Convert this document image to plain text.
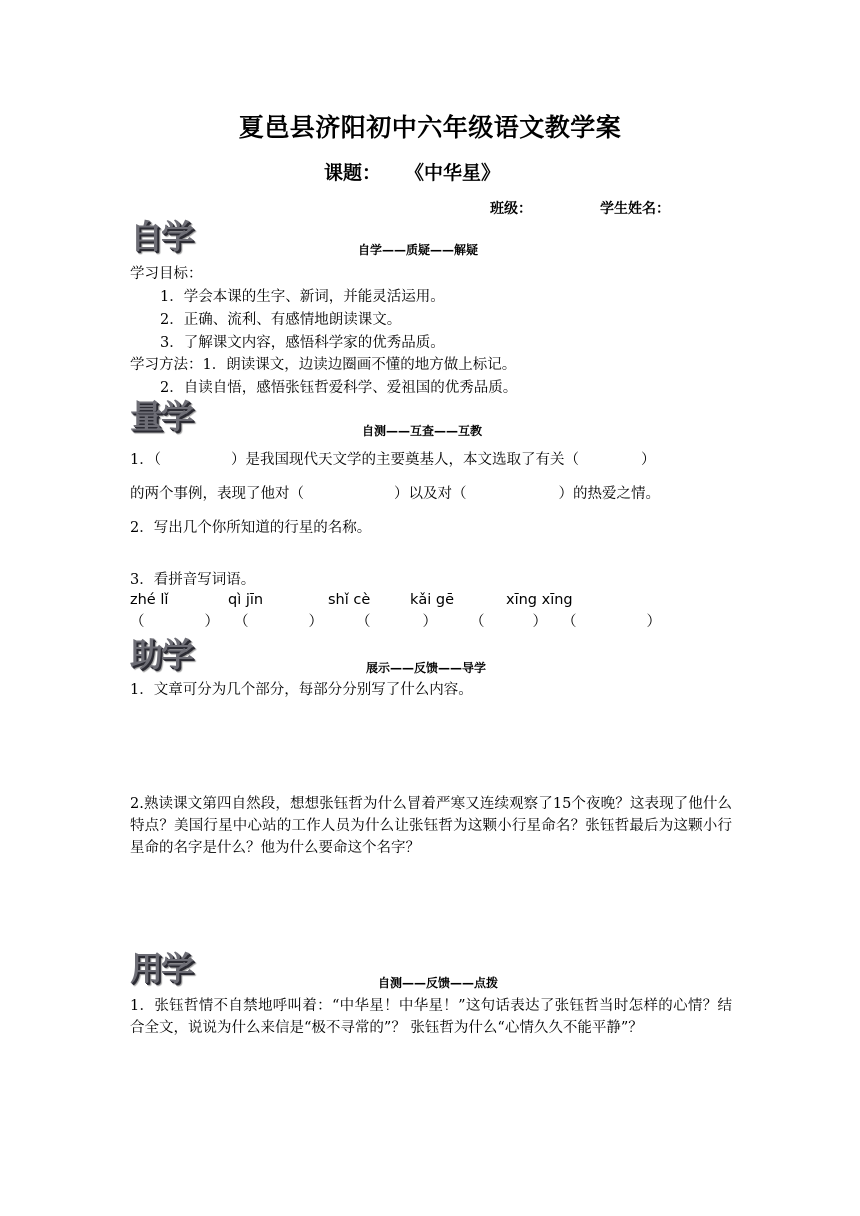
夏邑县济阳初中六年级语文教学案
课题： 《中华星》
班级：	学生姓名：
自学	自学——质疑——解疑
学习目标：
1．学会本课的生字、新词，并能灵活运用。
2．正确、流利、有感情地朗读课文。
3．了解课文内容，感悟科学家的优秀品质。
学习方法：1．朗读课文，边读边圈画不懂的地方做上标记。
2．自读自悟，感悟张钰哲爱科学、爱祖国的优秀品质。
量学	自测——互查——互教
1．（	）是我国现代天文学的主要奠基人，本文选取了有关（	）
的两个事例，表现了他对（	）以及对（	）的热爱之情。
2．写出几个你所知道的行星的名称。
3．看拼音写词语。
zhé lǐ	qì jīn	shǐ cè	kǎi gē	xīng xīng
（	） （	） （	） （	） （	）
助学	展示——反馈——导学
1．文章可分为几个部分，每部分分别写了什么内容。
2.熟读课文第四自然段，想想张钰哲为什么冒着严寒又连续观察了15个夜晚？这表现了他什么特点？美国行星中心站的工作人员为什么让张钰哲为这颗小行星命名？张钰哲最后为这颗小行星命的名字是什么？他为什么要命这个名字？
用学	自测——反馈——点拨
1．张钰哲情不自禁地呼叫着：“中华星！中华星！”这句话表达了张钰哲当时怎样的心情？结合全文，说说为什么来信是“极不寻常的”？ 张钰哲为什么“心情久久不能平静”？
